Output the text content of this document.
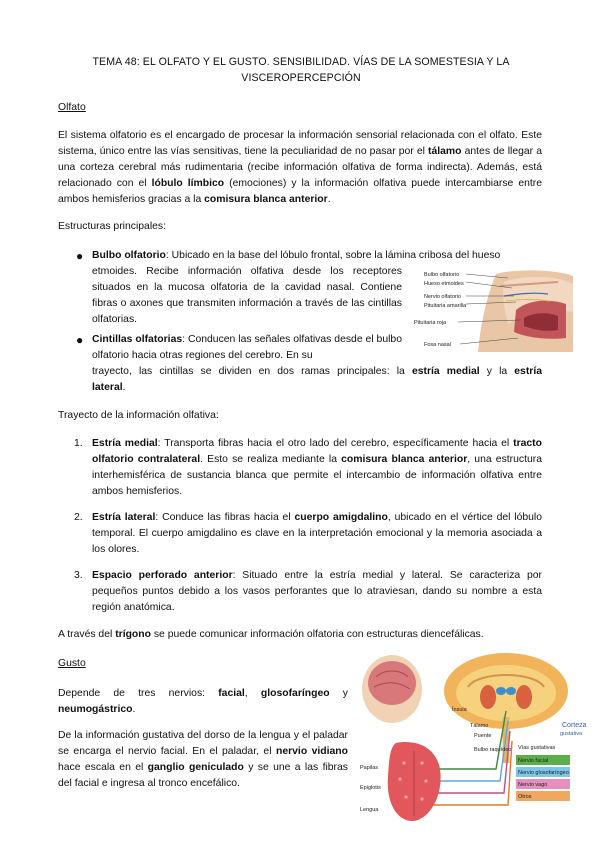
TEMA 48: EL OLFATO Y EL GUSTO. SENSIBILIDAD. VÍAS DE LA SOMESTESIA Y LA
VISCEROPERCEPCIÓN
Olfato
El sistema olfatorio es el encargado de procesar la información sensorial relacionada con el olfato. Este sistema, único entre las vías sensitivas, tiene la peculiaridad de no pasar por el tálamo antes de llegar a una corteza cerebral más rudimentaria (recibe información olfativa de forma indirecta). Además, está relacionado con el lóbulo límbico (emociones) y la información olfativa puede intercambiarse entre ambos hemisferios gracias a la comisura blanca anterior.
Estructuras principales:
● Bulbo olfatorio: Ubicado en la base del lóbulo frontal, sobre la lámina cribosa del hueso
etmoides. Recibe información olfativa desde los receptores situados en la mucosa olfatoria de la cavidad nasal. Contiene fibras o axones que transmiten información a través de las cintillas olfatorias.
● Cintillas olfatorias: Conducen las señales olfativas desde el bulbo olfatorio hacia otras regiones del cerebro. En su
trayecto, las cintillas se dividen en dos ramas principales: la estría medial y la estría
lateral.
Bulbo olfatorio
Hueso etmoides
Nervio olfatorio
Pituitaria amarilla
Pituitaria roja
Fosa nasal
Trayecto de la información olfativa:
1. Estría medial: Transporta fibras hacia el otro lado del cerebro, específicamente hacia el tracto olfatorio contralateral. Esto se realiza mediante la comisura blanca anterior, una estructura interhemisférica de sustancia blanca que permite el intercambio de información olfativa entre ambos hemisferios.
2. Estría lateral: Conduce las fibras hacia el cuerpo amigdalino, ubicado en el vértice del lóbulo temporal. El cuerpo amigdalino es clave en la interpretación emocional y la memoria asociada a los olores.
3. Espacio perforado anterior: Situado entre la estría medial y lateral. Se caracteriza por pequeños puntos debido a los vasos perforantes que lo atraviesan, dando su nombre a esta región anatómica.
A través del trígono se puede comunicar información olfatoria con estructuras diencefálicas.
Gusto
Depende de tres nervios: facial, glosofaríngeo y
neumogástrico.
De la información gustativa del dorso de la lengua y el paladar se encarga el nervio facial. En el paladar, el nervio vidiano hace escala en el ganglio geniculado y se une a las fibras del facial e ingresa al tronco encefálico.
Ínsula
Tálamo
Puente
Bulbo raquídeo
Papilas
Epiglotis
Lengua
Corteza
gustativa
Vías gustativas
Nervio facial
Nervio glosofaríngeo
Nervio vago
Otros
